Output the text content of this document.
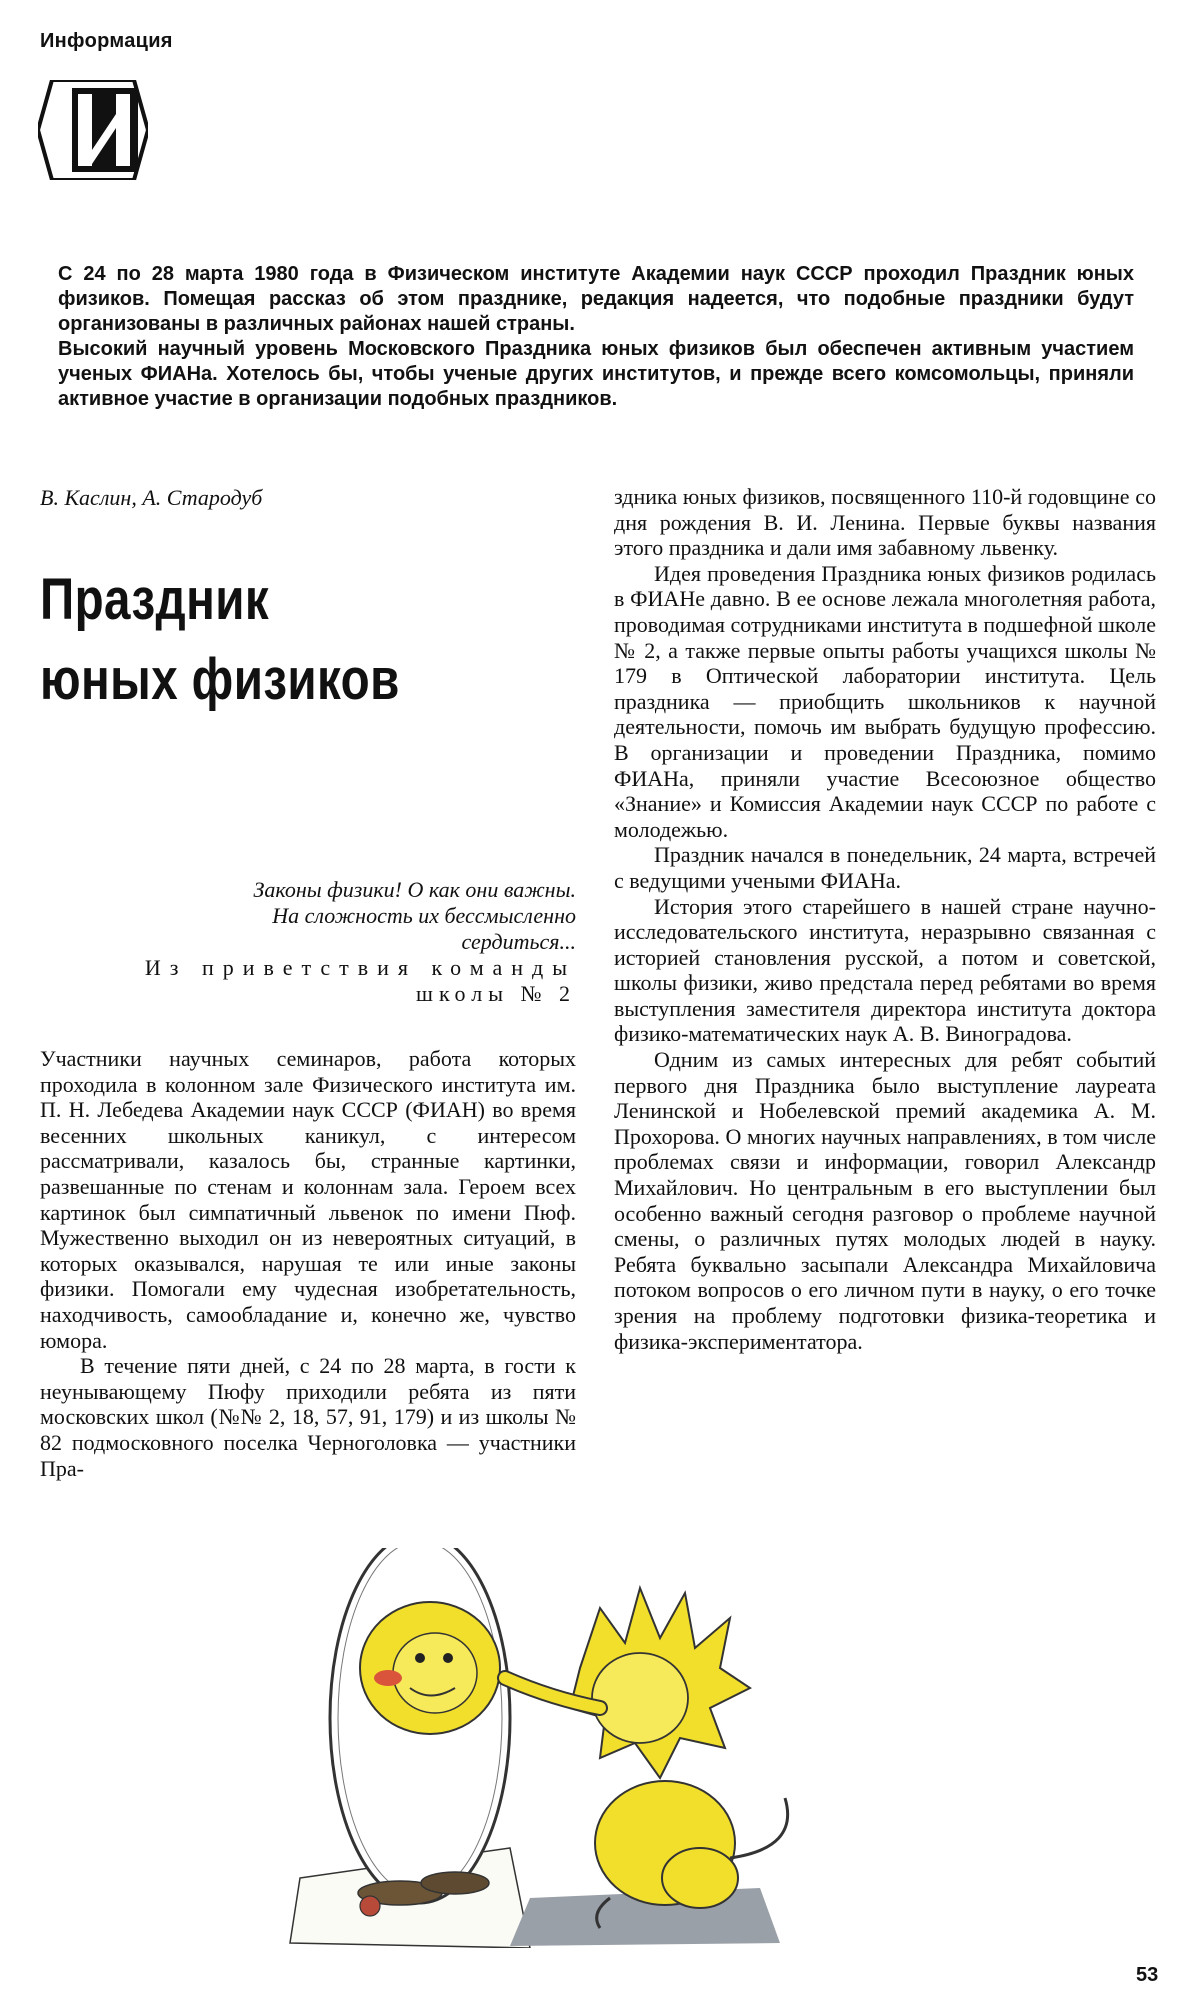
Информация

С 24 по 28 марта 1980 года в Физическом институте Академии наук СССР проходил Праздник юных физиков. Помещая рассказ об этом празднике, редакция надеется, что подобные праздники будут организованы в различных районах нашей страны.

Высокий научный уровень Московского Праздника юных физиков был обеспечен активным участием ученых ФИАНа. Хотелось бы, чтобы ученые других институтов, и прежде всего комсомольцы, приняли активное участие в организации подобных праздников.

В. Каслин, А. Стародуб
Праздник
юных физиков
Законы физики! О как они важны.
На сложность их бессмысленно
сердиться...
Из приветствия команды
школы № 2

Участники научных семинаров, работа которых проходила в колонном зале Физического института им. П. Н. Лебедева Академии наук СССР (ФИАН) во время весенних школьных каникул, с интересом рассматривали, казалось бы, странные картинки, развешанные по стенам и колоннам зала. Героем всех картинок был симпатичный львенок по имени Пюф. Мужественно выходил он из невероятных ситуаций, в которых оказывался, нарушая те или иные законы физики. Помогали ему чудесная изобретательность, находчивость, самообладание и, конечно же, чувство юмора.

В течение пяти дней, с 24 по 28 марта, в гости к неунывающему Пюфу приходили ребята из пяти московских школ (№№ 2, 18, 57, 91, 179) и из школы № 82 подмосковного поселка Черноголовка — участники Пра-

здника юных физиков, посвященного 110-й годовщине со дня рождения В. И. Ленина. Первые буквы названия этого праздника и дали имя забавному львенку.

Идея проведения Праздника юных физиков родилась в ФИАНе давно. В ее основе лежала многолетняя работа, проводимая сотрудниками института в подшефной школе № 2, а также первые опыты работы учащихся школы № 179 в Оптической лаборатории института. Цель праздника — приобщить школьников к научной деятельности, помочь им выбрать будущую профессию. В организации и проведении Праздника, помимо ФИАНа, приняли участие Всесоюзное общество «Знание» и Комиссия Академии наук СССР по работе с молодежью.

Праздник начался в понедельник, 24 марта, встречей с ведущими учеными ФИАНа.

История этого старейшего в нашей стране научно-исследовательского института, неразрывно связанная с историей становления русской, а потом и советской, школы физики, живо предстала перед ребятами во время выступления заместителя директора института доктора физико-математических наук А. В. Виноградова.

Одним из самых интересных для ребят событий первого дня Праздника было выступление лауреата Ленинской и Нобелевской премий академика А. М. Прохорова. О многих научных направлениях, в том числе проблемах связи и информации, говорил Александр Михайлович. Но центральным в его выступлении был особенно важный сегодня разговор о проблеме научной смены, о различных путях молодых людей в науку. Ребята буквально засыпали Александра Михайловича потоком вопросов о его личном пути в науку, о его точке зрения на проблему подготовки физика-теоретика и физика-экспериментатора.

53
